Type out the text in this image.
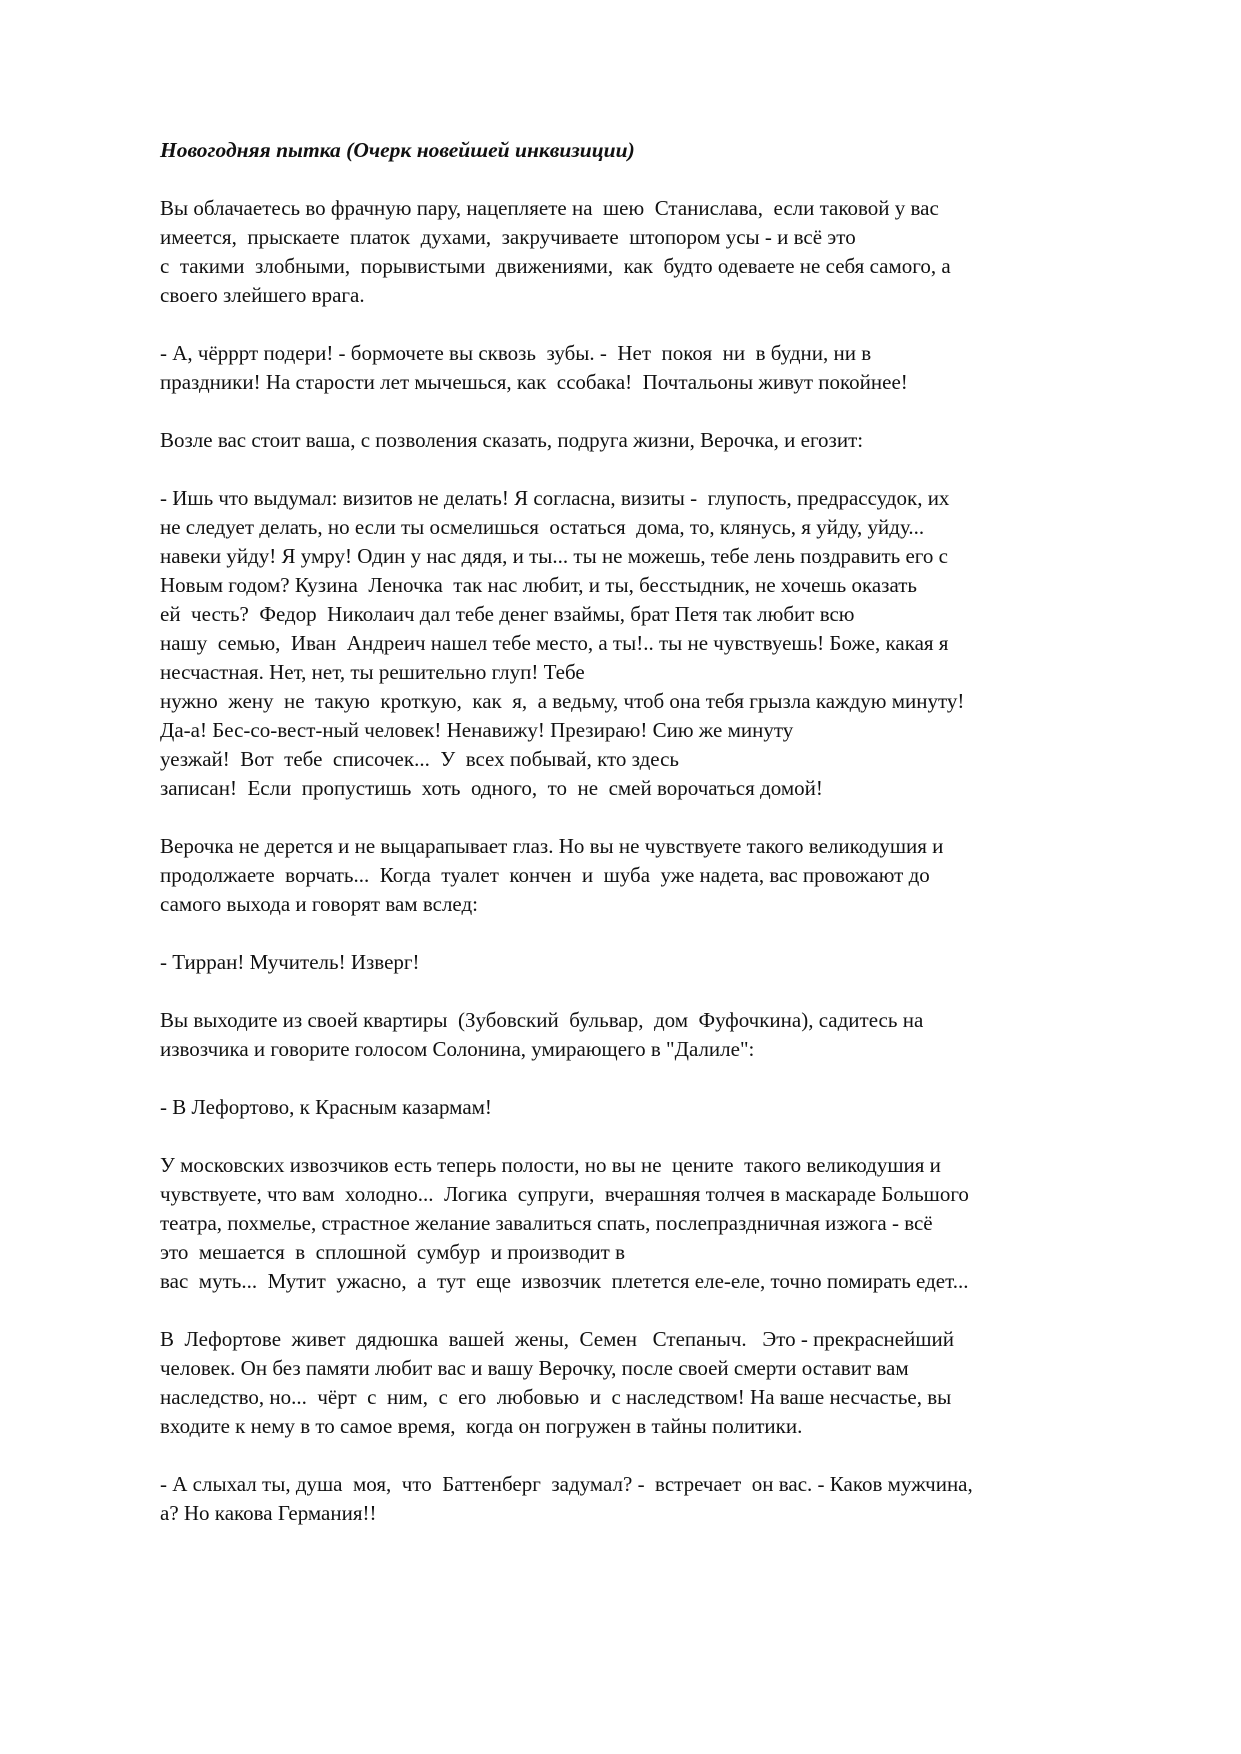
Новогодняя пытка (Очерк новейшей инквизиции)
Вы облачаетесь во фрачную пару, нацепляете на  шею  Станислава,  если таковой у вас
имеется,  прыскаете  платок  духами,  закручиваете  штопором усы - и всё это
с  такими  злобными,  порывистыми  движениями,  как  будто одеваете не себя самого, а
своего злейшего врага.
- А, чёрррт подери! - бормочете вы сквозь  зубы. -  Нет  покоя  ни  в будни, ни в
праздники! На старости лет мычешься, как  ссобака!  Почтальоны живут покойнее!
Возле вас стоит ваша, с позволения сказать, подруга жизни, Верочка, и егозит:
- Ишь что выдумал: визитов не делать! Я согласна, визиты -  глупость, предрассудок, их
не следует делать, но если ты осмелишься  остаться  дома, то, клянусь, я уйду, уйду...
навеки уйду! Я умру! Один у нас дядя, и ты... ты не можешь, тебе лень поздравить его с
Новым годом? Кузина  Леночка  так нас любит, и ты, бесстыдник, не хочешь оказать
ей  честь?  Федор  Николаич дал тебе денег взаймы, брат Петя так любит всю
нашу  семью,  Иван  Андреич нашел тебе место, а ты!.. ты не чувствуешь! Боже, какая я
несчастная. Нет, нет, ты решительно глуп! Тебе
нужно  жену  не  такую  кроткую,  как  я,  а ведьму, чтоб она тебя грызла каждую минуту!
Да-а! Бес-со-вест-ный человек! Ненавижу! Презираю! Сию же минуту
уезжай!  Вот  тебе  списочек...  У  всех побывай, кто здесь
записан!  Если  пропустишь  хоть  одного,  то  не  смей ворочаться домой!
Верочка не дерется и не выцарапывает глаз. Но вы не чувствуете такого великодушия и
продолжаете  ворчать...  Когда  туалет  кончен  и  шуба  уже надета, вас провожают до
самого выхода и говорят вам вслед:
- Тирран! Мучитель! Изверг!
Вы выходите из своей квартиры  (Зубовский  бульвар,  дом  Фуфочкина), садитесь на
извозчика и говорите голосом Солонина, умирающего в "Далиле":
- В Лефортово, к Красным казармам!
У московских извозчиков есть теперь полости, но вы не  цените  такого великодушия и
чувствуете, что вам  холодно...  Логика  супруги,  вчерашняя толчея в маскараде Большого
театра, похмелье, страстное желание завалиться спать, послепраздничная изжога - всё
это  мешается  в  сплошной  сумбур  и производит в
вас  муть...  Мутит  ужасно,  а  тут  еще  извозчик  плетется еле-еле, точно помирать едет...
В  Лефортове  живет  дядюшка  вашей  жены,  Семен   Степаныч.   Это - прекраснейший
человек. Он без памяти любит вас и вашу Верочку, после своей смерти оставит вам
наследство, но...  чёрт  с  ним,  с  его  любовью  и  с наследством! На ваше несчастье, вы
входите к нему в то самое время,  когда он погружен в тайны политики.
- А слыхал ты, душа  моя,  что  Баттенберг  задумал? -  встречает  он вас. - Каков мужчина,
а? Но какова Германия!!
